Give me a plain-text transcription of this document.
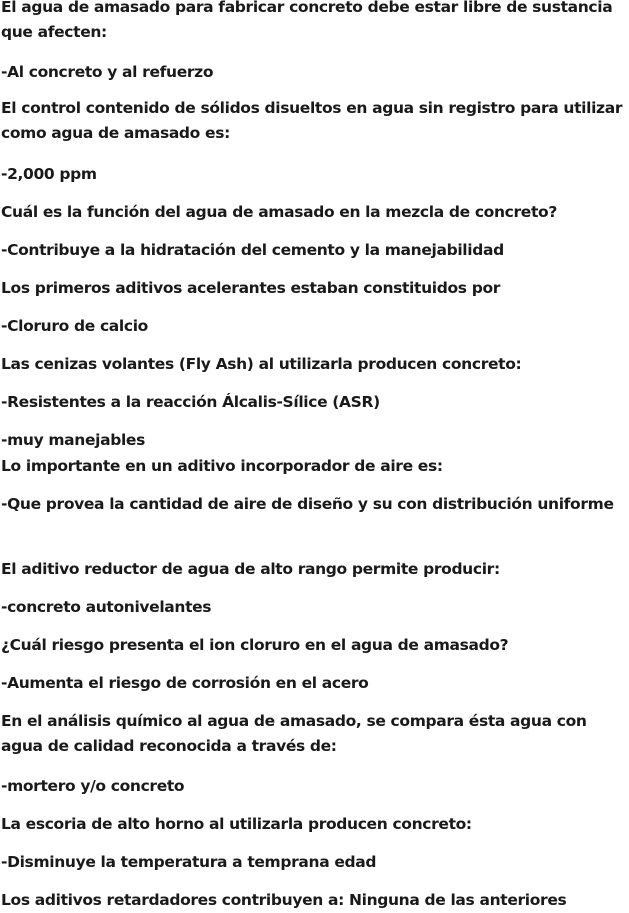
El agua de amasado para fabricar concreto debe estar libre de sustancia que afecten:

-Al concreto y al refuerzo

El control contenido de sólidos disueltos en agua sin registro para utilizar como agua de amasado es:

-2,000 ppm

Cuál es la función del agua de amasado en la mezcla de concreto?

-Contribuye a la hidratación del cemento y la manejabilidad

Los primeros aditivos acelerantes estaban constituidos por

-Cloruro de calcio

Las cenizas volantes (Fly Ash) al utilizarla producen concreto:

-Resistentes a la reacción Álcalis-Sílice (ASR)

-muy manejables

Lo importante en un aditivo incorporador de aire es:

-Que provea la cantidad de aire de diseño y su con distribución uniforme

El aditivo reductor de agua de alto rango permite producir:

-concreto autonivelantes

¿Cuál riesgo presenta el ion cloruro en el agua de amasado?

-Aumenta el riesgo de corrosión en el acero

En el análisis químico al agua de amasado, se compara ésta agua con agua de calidad reconocida a través de:

-mortero y/o concreto

La escoria de alto horno al utilizarla producen concreto:

-Disminuye la temperatura a temprana edad

Los aditivos retardadores contribuyen a: Ninguna de las anteriores
